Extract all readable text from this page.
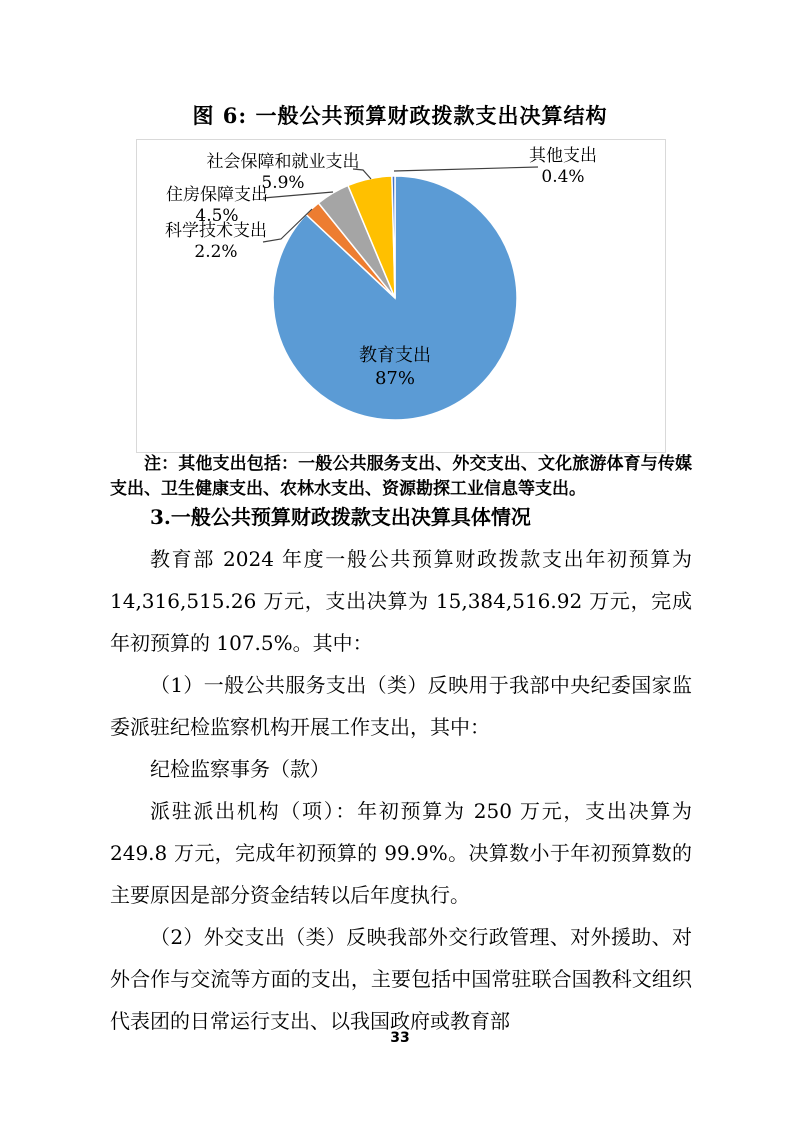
图 6: 一般公共预算财政拨款支出决算结构
社会保障和就业支出
5.9%
住房保障支出
4.5%
科学技术支出
2.2%
其他支出
0.4%
教育支出
87%

注：其他支出包括：一般公共服务支出、外交支出、文化旅游体育与传媒支出、卫生健康支出、农林水支出、资源勘探工业信息等支出。

3.一般公共预算财政拨款支出决算具体情况

教育部 2024 年度一般公共预算财政拨款支出年初预算为 14,316,515.26 万元，支出决算为 15,384,516.92 万元，完成年初预算的 107.5%。其中：

（1）一般公共服务支出（类）反映用于我部中央纪委国家监委派驻纪检监察机构开展工作支出，其中：

纪检监察事务（款）

派驻派出机构（项）：年初预算为 250 万元，支出决算为 249.8 万元，完成年初预算的 99.9%。决算数小于年初预算数的主要原因是部分资金结转以后年度执行。

（2）外交支出（类）反映我部外交行政管理、对外援助、对外合作与交流等方面的支出，主要包括中国常驻联合国教科文组织代表团的日常运行支出、以我国政府或教育部

33
